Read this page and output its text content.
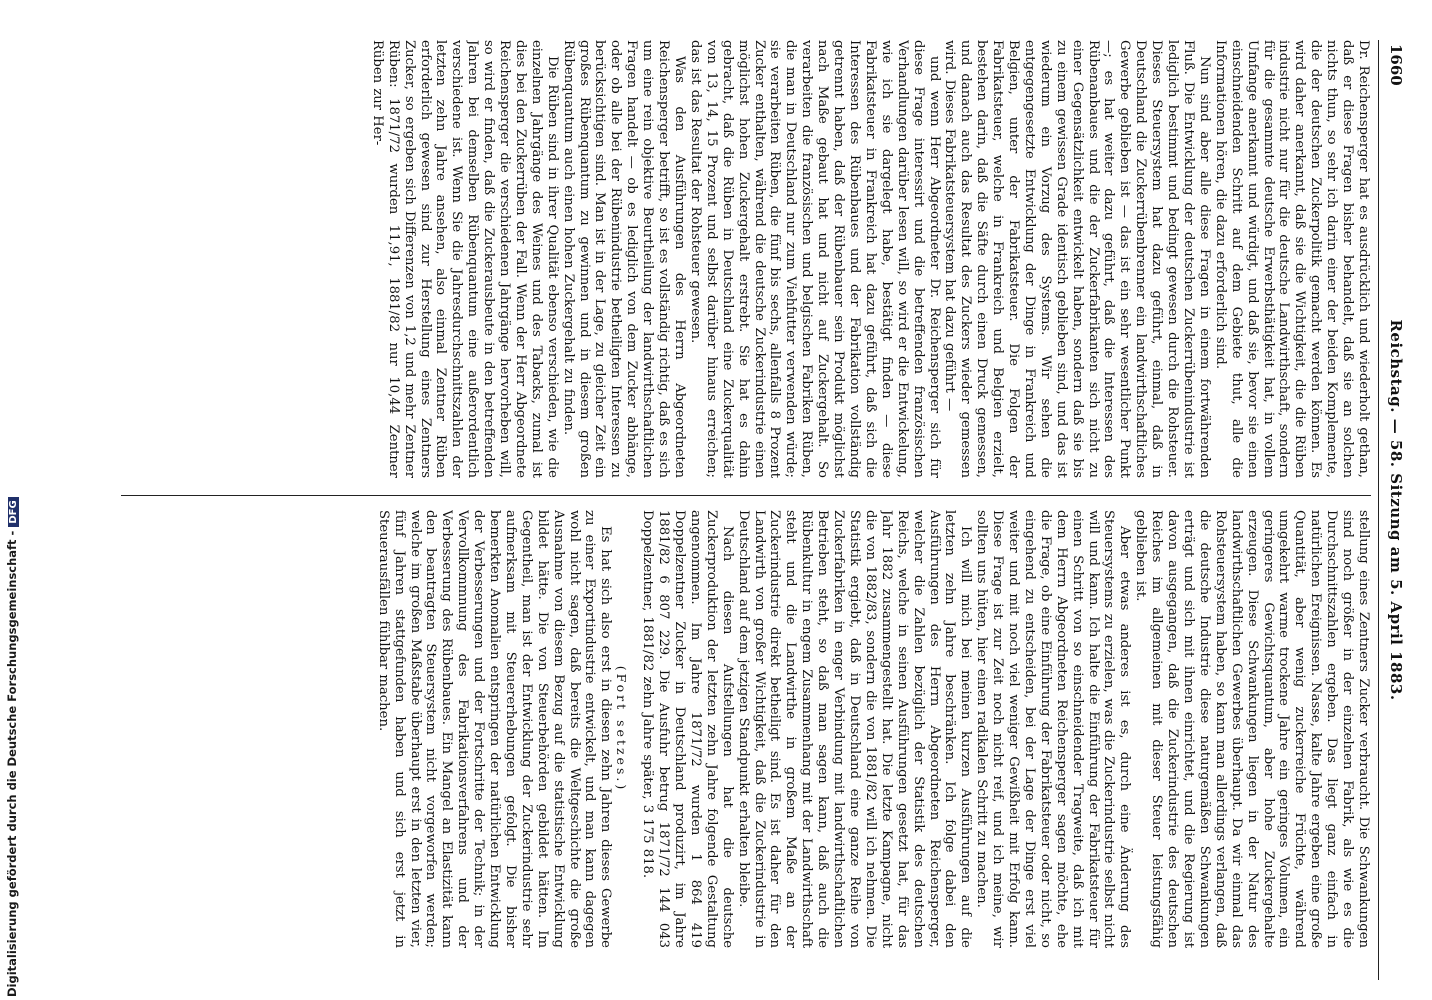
1660
Reichstag. — 58. Sitzung am 5. April 1883.

Dr. Reichensperger hat es ausdrücklich und wiederholt gethan, daß er diese Fragen bisher behandelt, daß sie an solchen nichts thun, so sehr ich darin einer der beiden Komplemente, die der deutschen Zuckerpolitik gemacht werden können. Es wird daher anerkannt, daß sie die Wichtigkeit, die die Rüben industrie nicht nur für die deutsche Landwirthschaft, sondern für die gesammte deutsche Erwerbsthätigkeit hat, in vollem Umfange anerkannt und würdigt, und daß sie, bevor sie einen einschneidenden Schritt auf dem Gebiete thut, alle die Informationen hören, die dazu erforderlich sind.

Nun sind aber alle diese Fragen in einem fortwährenden Fluß. Die Entwicklung der deutschen Zuckerrübenindustrie ist lediglich bestimmt und bedingt gewesen durch die Rohsteuer. Dieses Steuersystem hat dazu geführt, einmal, daß in Deutschland die Zuckerrübenbrenner ein landwirthschaftliches Gewerbe geblieben ist — das ist ein sehr wesentlicher Punkt —; es hat weiter dazu geführt, daß die Interessen des Rübenanbaues und die der Zuckerfabrikanten sich nicht zu einer Gegensätzlichkeit entwickelt haben, sondern daß sie bis zu einem gewissen Grade identisch geblieben sind, und das ist wiederum ein Vorzug des Systems. Wir sehen die entgegengesetzte Entwicklung der Dinge in Frankreich und Belgien, unter der Fabrikatsteuer. Die Folgen der Fabrikatsteuer, welche in Frankreich und Belgien erzielt, bestehen darin, daß die Säfte durch einen Druck gemessen, und danach auch das Resultat des Zuckers wieder gemessen wird. Dieses Fabrikatsteuersystem hat dazu geführt —

und wenn Herr Abgeordneter Dr. Reichensperger sich für diese Frage interessirt und die betreffenden französischen Verhandlungen darüber lesen will, so wird er die Entwickelung, wie ich sie dargelegt habe, bestätigt finden — diese Fabrikatsteuer in Frankreich hat dazu geführt, daß sich die Interessen des Rübenbaues und der Fabrikation vollständig getrennt haben, daß der Rübenbauer sein Produkt möglichst nach Maße gebaut hat und nicht auf Zuckergehalt. So verarbeiten die französischen und belgischen Fabriken Rüben, die man in Deutschland nur zum Viehfutter verwenden würde; sie verarbeiten Rüben, die fünf bis sechs, allenfalls 8 Prozent Zucker enthalten, während die deutsche Zuckerindustrie einen möglichst hohen Zuckergehalt erstrebt. Sie hat es dahin gebracht, daß die Rüben in Deutschland eine Zuckerqualität von 13, 14, 15 Prozent und selbst darüber hinaus erreichen; das ist das Resultat der Rohsteuer gewesen.

Was den Ausführungen des Herrn Abgeordneten Reichensperger betrifft, so ist es vollständig richtig, daß es sich um eine rein objektive Beurtheilung der landwirthschaftlichen Fragen handelt — ob es lediglich von dem Zucker abhänge, oder ob alle bei der Rübenindustrie betheiligten Interessen zu berücksichtigen sind. Man ist in der Lage, zu gleicher Zeit ein großes Rübenquantum zu gewinnen und in diesem großen Rübenquantum auch einen hohen Zuckergehalt zu finden.

Die Rüben sind in ihrer Qualität ebenso verschieden, wie die einzelnen Jahrgänge des Weines und des Tabacks, zumal ist dies bei den Zuckerrüben der Fall. Wenn der Herr Abgeordnete Reichensperger die verschiedenen Jahrgänge hervorheben will, so wird er finden, daß die Zuckerausbeute in den betreffenden Jahren bei demselben Rübenquantum eine außerordentlich verschiedene ist. Wenn Sie die Jahresdurchschnittszahlen der letzten zehn Jahre ansehen, also einmal Zentner Rüben erforderlich gewesen sind zur Herstellung eines Zentners Zucker, so ergeben sich Differenzen von 1,2 und mehr Zentner Rüben: 1871/72 wurden 11,91, 1881/82 nur 10,44 Zentner Rüben zur Her-

stellung eines Zentners Zucker verbraucht. Die Schwankungen sind noch größer in der einzelnen Fabrik, als wie es die Durchschnittszahlen ergeben. Das liegt ganz einfach in natürlichen Ereignissen. Nasse, kalte Jahre ergeben eine große Quantität, aber wenig zuckerreiche Früchte, während umgekehrt warme trockene Jahre ein geringes Volumen, ein geringeres Gewichtsquantum, aber hohe Zuckergehalte erzeugen. Diese Schwankungen liegen in der Natur des landwirthschaftlichen Gewerbes überhaupt. Da wir einmal das Rohsteuersystem haben, so kann man allerdings verlangen, daß die deutsche Industrie diese naturgemäßen Schwankungen erträgt und sich mit ihnen einrichtet, und die Regierung ist davon ausgegangen, daß die Zuckerindustrie des deutschen Reiches im allgemeinen mit dieser Steuer leistungsfähig geblieben ist.

Aber etwas anderes ist es, durch eine Änderung des Steuersystems zu erzielen, was die Zuckerindustrie selbst nicht will und kann. Ich halte die Einführung der Fabrikatsteuer für einen Schritt von so einschneidender Tragweite, daß ich mit dem Herrn Abgeordneten Reichensperger sagen möchte, ehe die Frage, ob eine Einführung der Fabrikatsteuer oder nicht, so eingehend zu entscheiden, bei der Lage der Dinge erst viel weiter und mit noch viel weniger Gewißheit mit Erfolg kann. Diese Frage ist zur Zeit noch nicht reif, und ich meine, wir sollten uns hüten, hier einen radikalen Schritt zu machen.

Ich will mich bei meinen kurzen Ausführungen auf die letzten zehn Jahre beschränken. Ich folge dabei den Ausführungen des Herrn Abgeordneten Reichensperger, welcher die Zahlen bezüglich der Statistik des deutschen Reichs, welche in seinen Ausführungen gesetzt hat, für das Jahr 1882 zusammengestellt hat. Die letzte Kampagne, nicht die von 1882/83, sondern die von 1881/82 will ich nehmen. Die Statistik ergiebt, daß in Deutschland eine ganze Reihe von Zuckerfabriken in enger Verbindung mit landwirthschaftlichen Betrieben steht, so daß man sagen kann, daß auch die Rübenkultur in engem Zusammenhang mit der Landwirthschaft steht und die Landwirthe in großem Maße an der Zuckerindustrie direkt betheiligt sind. Es ist daher für den Landwirth von großer Wichtigkeit, daß die Zuckerindustrie in Deutschland auf dem jetzigen Standpunkt erhalten bleibe.

Nach diesen Aufstellungen hat die deutsche Zuckerproduktion der letzten zehn Jahre folgende Gestaltung angenommen. Im Jahre 1871/72 wurden 1 864 419 Doppelzentner Zucker in Deutschland produzirt, im Jahre 1881/82 6 807 229. Die Ausfuhr betrug 1871/72 144 043 Doppelzentner, 1881/82 zehn Jahre später, 3 175 818.

(Fort setzes.)

Es hat sich also erst in diesen zehn Jahren dieses Gewerbe zu einer Exportindustrie entwickelt, und man kann dagegen wohl nicht sagen, daß bereits die Weltgeschichte die große Ausnahme von diesem Bezug auf die statistische Entwicklung bildet hätte. Die von Steuerbehörden gebildet hätten. Im Gegentheil, man ist der Entwicklung der Zuckerindustrie sehr aufmerksam mit Steuererhebungen gefolgt. Die bisher bemerkten Anomalien entspringen der natürlichen Entwicklung der Verbesserungen und der Fortschritte der Technik; in der Vervollkommnung des Fabrikationsverfahrens und der Verbesserung des Rübenbaues. Ein Mangel an Elastizität kann den beantragten Steuersystem nicht vorgeworfen werden; welche im großen Maßstabe überhaupt erst in den letzten vier, fünf Jahren stattgefunden haben und sich erst jetzt in Steuerausfällen fühlbar machen.

Digitalisierung gefördert durch die Deutsche Forschungsgemeinschaft -DFG
